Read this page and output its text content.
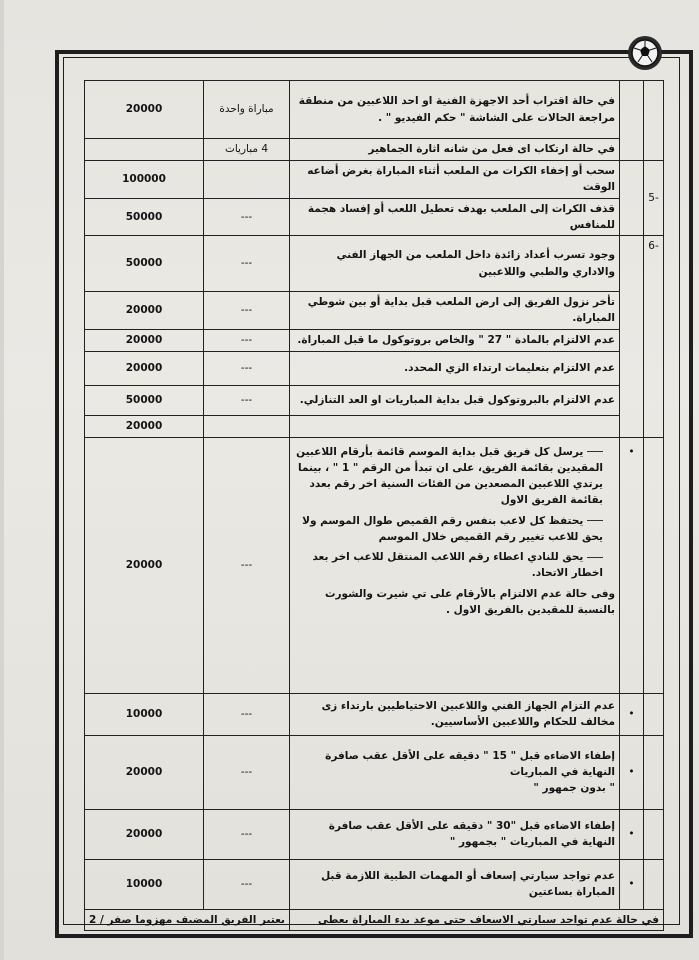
		في حالة اقتراب أحد الاجهزة الفنية او احد اللاعبين من منطقة مراجعة الحالات على الشاشة " حكم الفيديو " .	مباراة واحدة	20000
		في حالة ارتكاب اى فعل من شانه اثارة الجماهير	4 مباريات	
-5		سحب أو إخفاء الكرات من الملعب أثناء المباراة بغرض أضاعه الوقت		100000
		قذف الكرات إلى الملعب بهدف تعطيل اللعب أو إفساد هجمة للمنافس	---	50000
-6		وجود تسرب أعداد زائدة داخل الملعب من الجهاز الفني والاداري والطبي واللاعبين	---	50000
		تأخر نزول الفريق إلى ارض الملعب قبل بداية أو بين شوطي المباراة.	---	20000
		عدم الالتزام بالمادة " 27 " والخاص بروتوكول ما قبل المباراة.	---	20000
		عدم الالتزام بتعليمات ارتداء الزي المحدد.	---	20000
		عدم الالتزام بالبروتوكول قبل بداية المباريات او العد التنازلي.	---	50000
				20000
	•	يرسل كل فريق قبل بداية الموسم قائمة بأرقام اللاعبين المقيدين بقائمة الفريق، على ان تبدأ من الرقم " 1 " ، بينما يرتدي اللاعبين المصعدين من الفئات السنية اخر رقم بعدد بقائمة الفريق الاول
يحتفظ كل لاعب بنفس رقم القميص طوال الموسم ولا يحق للاعب تغيير رقم القميص خلال الموسم
يحق للنادي اعطاء رقم اللاعب المنتقل للاعب اخر بعد اخطار الاتحاد.
وفى حالة عدم الالتزام بالأرقام على تي شيرت والشورت بالنسبة للمقيدين بالفريق الاول .	---	20000
	•	عدم التزام الجهاز الفني واللاعبين الاحتياطيين بارتداء زى مخالف للحكام واللاعبين الأساسيين.	---	10000
	•	إطفاء الاضاءه قبل " 15 " دقيقه على الأقل عقب صافرة النهاية في المباريات
" بدون جمهور "	---	20000
	•	إطفاء الاضاءه قبل "30 " دقيقه على الأقل عقب صافرة النهاية في المباريات " بجمهور "	---	20000
	•	عدم تواجد سيارتي إسعاف أو المهمات الطبية اللازمة قبل المباراة بساعتين	---	10000
في حالة عدم تواجد سيارتي الاسعاف حتى موعد بدء المباراة يعطى			يعتبر الفريق المضيف مهزوما صفر / 2	
